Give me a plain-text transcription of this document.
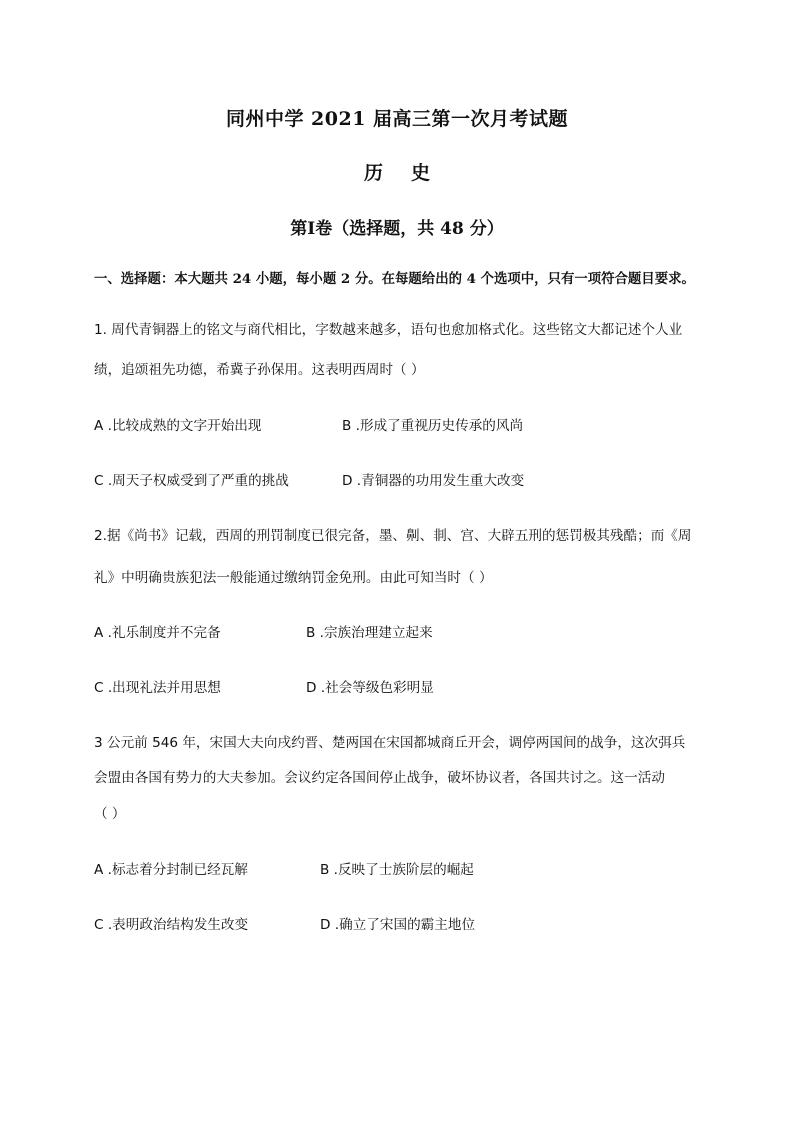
同州中学 2021 届高三第一次月考试题
历史
第Ⅰ卷（选择题，共 48 分）
一、选择题：本大题共 24 小题，每小题 2 分。在每题给出的 4 个选项中，只有一项符合题目要求。
1. 周代青铜器上的铭文与商代相比，字数越来越多，语句也愈加格式化。这些铭文大都记述个人业
绩，追颂祖先功德，希冀子孙保用。这表明西周时（ ）
A .比较成熟的文字开始出现	B .形成了重视历史传承的风尚
C .周天子权威受到了严重的挑战	D .青铜器的功用发生重大改变
2.据《尚书》记载，西周的刑罚制度已很完备，墨、劓、剕、宫、大辟五刑的惩罚极其残酷；而《周
礼》中明确贵族犯法一般能通过缴纳罚金免刑。由此可知当时（ ）
A .礼乐制度并不完备	B .宗族治理建立起来
C .出现礼法并用思想	D .社会等级色彩明显
3 公元前 546 年，宋国大夫向戌约晋、楚两国在宋国都城商丘开会，调停两国间的战争，这次弭兵
会盟由各国有势力的大夫参加。会议约定各国间停止战争，破坏协议者，各国共讨之。这一活动
（ ）
A .标志着分封制已经瓦解	B .反映了士族阶层的崛起
C .表明政治结构发生改变	D .确立了宋国的霸主地位
